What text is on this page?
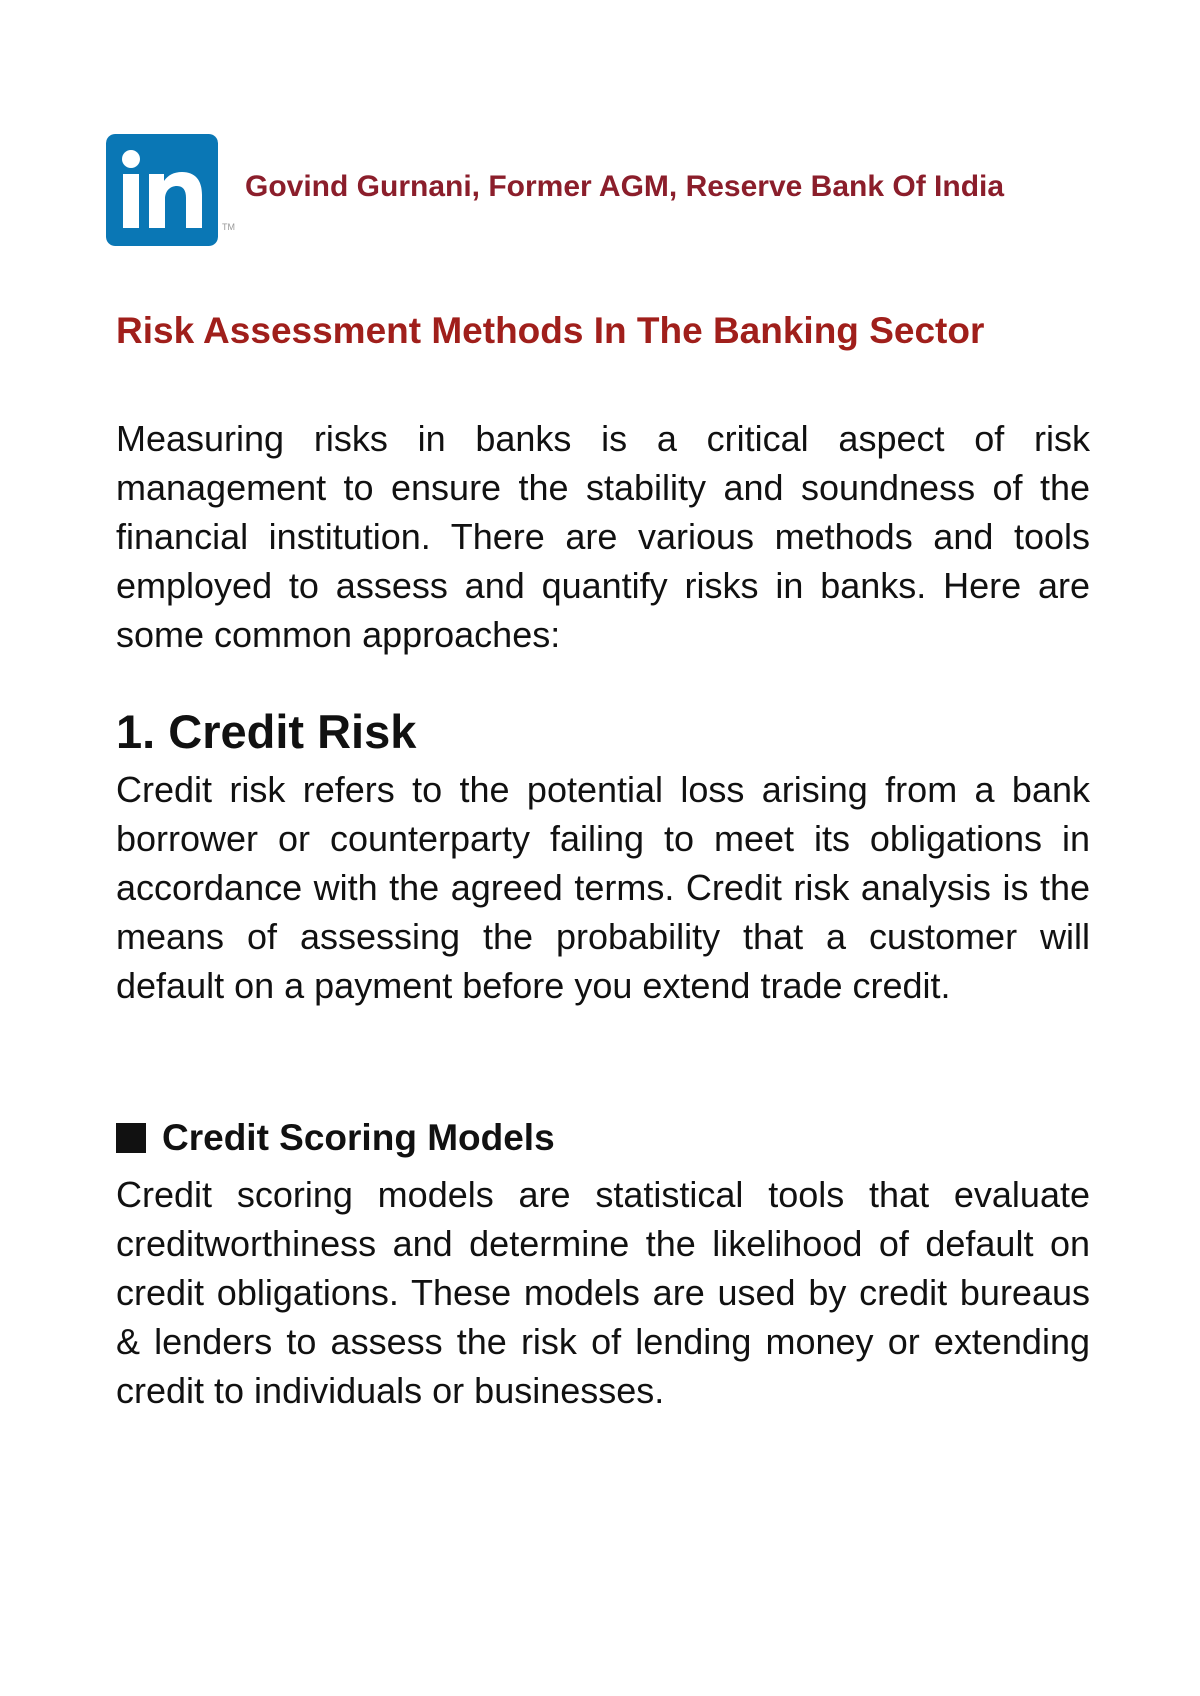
TM
Govind Gurnani, Former AGM, Reserve Bank Of India
Risk Assessment Methods In The Banking Sector

Measuring risks in banks is a critical aspect of risk management to ensure the stability and soundness of the financial institution. There are various methods and tools employed to assess and quantify risks in banks. Here are some common approaches:

1. Credit Risk

Credit risk refers to the potential loss arising from a bank borrower or counterparty failing to meet its obligations in accordance with the agreed terms. Credit risk analysis is the means of assessing the probability that a customer will default on a payment before you extend trade credit.

Credit Scoring Models

Credit scoring models are statistical tools that evaluate creditworthiness and determine the likelihood of default on credit obligations. These models are used by credit bureaus & lenders to assess the risk of lending money or extending credit to individuals or businesses.
